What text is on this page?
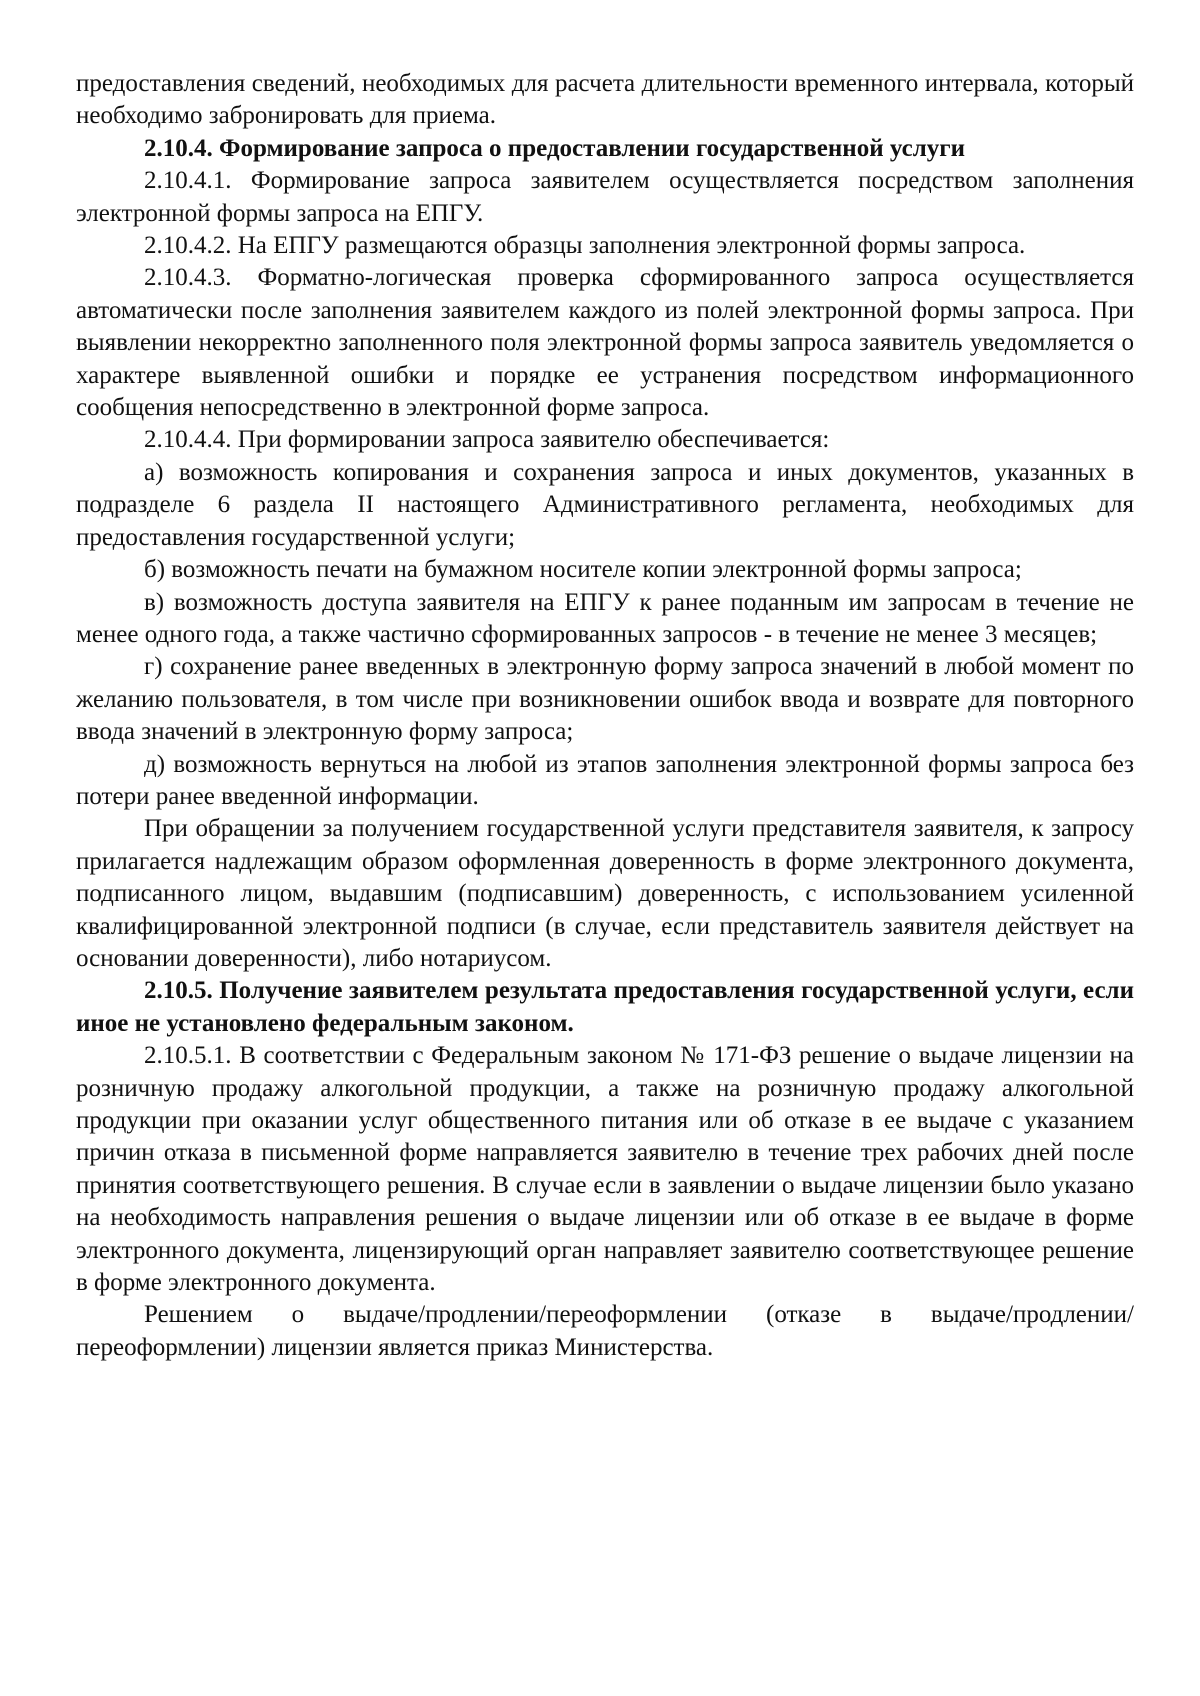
предоставления сведений, необходимых для расчета длительности временного интервала, который необходимо забронировать для приема.

2.10.4. Формирование запроса о предоставлении государственной услуги

2.10.4.1. Формирование запроса заявителем осуществляется посредством заполнения электронной формы запроса на ЕПГУ.

2.10.4.2. На ЕПГУ размещаются образцы заполнения электронной формы запроса.

2.10.4.3. Форматно-логическая проверка сформированного запроса осуществляется автоматически после заполнения заявителем каждого из полей электронной формы запроса. При выявлении некорректно заполненного поля электронной формы запроса заявитель уведомляется о характере выявленной ошибки и порядке ее устранения посредством информационного сообщения непосредственно в электронной форме запроса.

2.10.4.4. При формировании запроса заявителю обеспечивается:

а) возможность копирования и сохранения запроса и иных документов, указанных в подразделе 6 раздела II настоящего Административного регламента, необходимых для предоставления государственной услуги;

б) возможность печати на бумажном носителе копии электронной формы запроса;

в) возможность доступа заявителя на ЕПГУ к ранее поданным им запросам в течение не менее одного года, а также частично сформированных запросов - в течение не менее 3 месяцев;

г) сохранение ранее введенных в электронную форму запроса значений в любой момент по желанию пользователя, в том числе при возникновении ошибок ввода и возврате для повторного ввода значений в электронную форму запроса;

д) возможность вернуться на любой из этапов заполнения электронной формы запроса без потери ранее введенной информации.

При обращении за получением государственной услуги представителя заявителя, к запросу прилагается надлежащим образом оформленная доверенность в форме электронного документа, подписанного лицом, выдавшим (подписавшим) доверенность, с использованием усиленной квалифицированной электронной подписи (в случае, если представитель заявителя действует на основании доверенности), либо нотариусом.

2.10.5. Получение заявителем результата предоставления государственной услуги, если иное не установлено федеральным законом.

2.10.5.1. В соответствии с Федеральным законом № 171-ФЗ решение о выдаче лицензии на розничную продажу алкогольной продукции, а также на розничную продажу алкогольной продукции при оказании услуг общественного питания или об отказе в ее выдаче с указанием причин отказа в письменной форме направляется заявителю в течение трех рабочих дней после принятия соответствующего решения. В случае если в заявлении о выдаче лицензии было указано на необходимость направления решения о выдаче лицензии или об отказе в ее выдаче в форме электронного документа, лицензирующий орган направляет заявителю соответствующее решение в форме электронного документа.

Решением о выдаче/продлении/переоформлении (отказе в выдаче/продлении/переоформлении) лицензии является приказ Министерства.
